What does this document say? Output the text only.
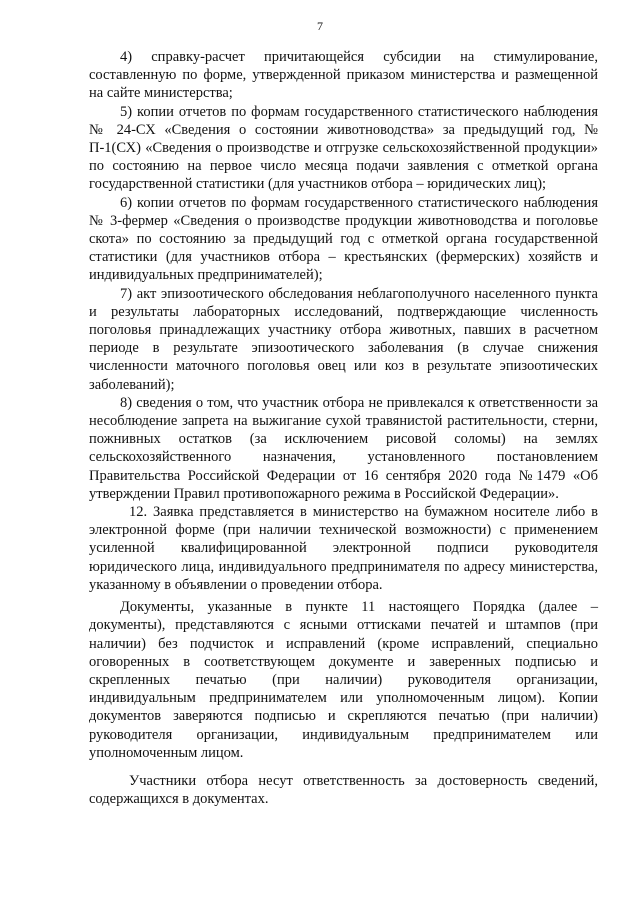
7

4) справку-расчет причитающейся субсидии на стимулирование, составленную по форме, утвержденной приказом министерства и размещенной на сайте министерства;

5) копии отчетов по формам государственного статистического наблюдения № 24-СХ «Сведения о состоянии животноводства» за предыдущий год, № П-1(СХ) «Сведения о производстве и отгрузке сельскохозяйственной продукции» по состоянию на первое число месяца подачи заявления с отметкой органа государственной статистики (для участников отбора – юридических лиц);

6) копии отчетов по формам государственного статистического наблюдения № 3-фермер «Сведения о производстве продукции животноводства и поголовье скота» по состоянию за предыдущий год с отметкой органа государственной статистики (для участников отбора – крестьянских (фермерских) хозяйств и индивидуальных предпринимателей);

7) акт эпизоотического обследования неблагополучного населенного пункта и результаты лабораторных исследований, подтверждающие численность поголовья принадлежащих участнику отбора животных, павших в расчетном периоде в результате эпизоотического заболевания (в случае снижения численности маточного поголовья овец или коз в результате эпизоотических заболеваний);

8) сведения о том, что участник отбора не привлекался к ответственности за несоблюдение запрета на выжигание сухой травянистой растительности, стерни, пожнивных остатков (за исключением рисовой соломы) на землях сельскохозяйственного назначения, установленного постановлением Правительства Российской Федерации от 16 сентября 2020 года №1479 «Об утверждении Правил противопожарного режима в Российской Федерации».

12. Заявка представляется в министерство на бумажном носителе либо в электронной форме (при наличии технической возможности) с применением усиленной квалифицированной электронной подписи руководителя юридического лица, индивидуального предпринимателя по адресу министерства, указанному в объявлении о проведении отбора.

Документы, указанные в пункте 11 настоящего Порядка (далее – документы), представляются с ясными оттисками печатей и штампов (при наличии) без подчисток и исправлений (кроме исправлений, специально оговоренных в соответствующем документе и заверенных подписью и скрепленных печатью (при наличии) руководителя организации, индивидуальным предпринимателем или уполномоченным лицом). Копии документов заверяются подписью и скрепляются печатью (при наличии) руководителя организации, индивидуальным предпринимателем или уполномоченным лицом.

Участники отбора несут ответственность за достоверность сведений, содержащихся в документах.
